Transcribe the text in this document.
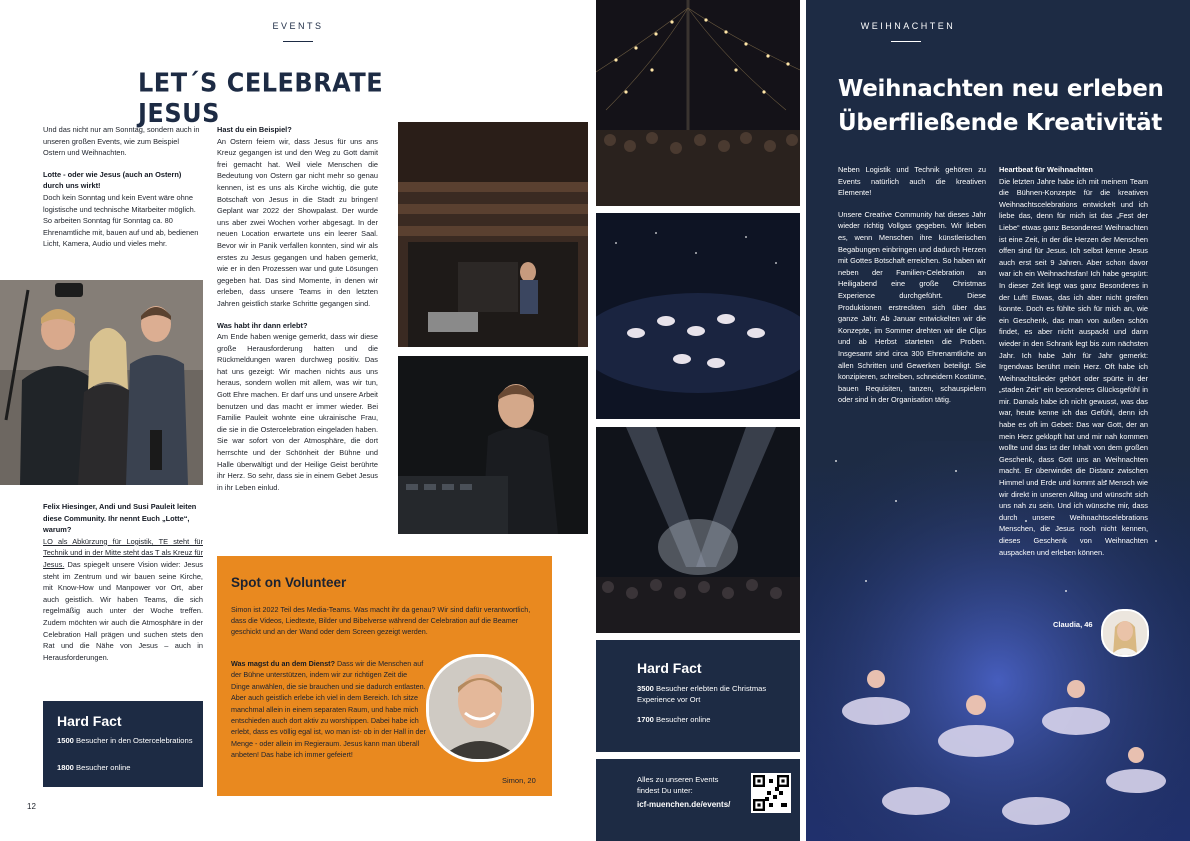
EVENTS
LET´S CELEBRATE JESUS

Und das nicht nur am Sonntag, sondern auch in unseren großen Events, wie zum Beispiel Ostern und Weihnachten.

Lotte - oder wie Jesus (auch an Ostern) durch uns wirkt!
Doch kein Sonntag und kein Event wäre ohne logistische und technische Mitarbeiter möglich. So arbeiten Sonntag für Sonntag ca. 80 Ehrenamtliche mit, bauen auf und ab, bedienen Licht, Kamera, Audio und vieles mehr.
Felix Hiesinger, Andi und Susi Pauleit leiten diese Community. Ihr nennt Euch „Lotte“, warum?
LO als Abkürzung für Logistik, TE steht für Technik und in der Mitte steht das T als Kreuz für Jesus. Das spiegelt unsere Vision wider: Jesus steht im Zentrum und wir bauen seine Kirche, mit Know-How und Manpower vor Ort, aber auch geistlich. Wir haben Teams, die sich regelmäßig auch unter der Woche treffen. Zudem möchten wir auch die Atmosphäre in der Celebration Hall prägen und suchen stets den Rat und die Nähe von Jesus – auch in Herausforderungen.
Hard Fact
1500 Besucher in den Ostercelebrations
1800 Besucher online
12
Hast du ein Beispiel?

An Ostern feiern wir, dass Jesus für uns ans Kreuz gegangen ist und den Weg zu Gott damit frei gemacht hat. Weil viele Menschen die Bedeutung von Ostern gar nicht mehr so genau kennen, ist es uns als Kirche wichtig, die gute Botschaft von Jesus in die Stadt zu bringen! Geplant war 2022 der Showpalast. Der wurde uns aber zwei Wochen vorher abgesagt. In der neuen Location erwartete uns ein leerer Saal. Bevor wir in Panik verfallen konnten, sind wir als erstes zu Jesus gegangen und haben gemerkt, wie er in den Prozessen war und gute Lösungen gegeben hat. Das sind Momente, in denen wir erleben, dass unsere Teams in den letzten Jahren geistlich starke Schritte gegangen sind.

Was habt ihr dann erlebt?
Am Ende haben wenige gemerkt, dass wir diese große Herausforderung hatten und die Rückmeldungen waren durchweg positiv. Das hat uns gezeigt: Wir machen nichts aus uns heraus, sondern wollen mit allem, was wir tun, Gott Ehre machen. Er darf uns und unsere Arbeit benutzen und das macht er immer wieder. Bei Familie Pauleit wohnte eine ukrainische Frau, die sie in die Ostercelebration eingeladen haben. Sie war sofort von der Atmosphäre, die dort herrschte und der Schönheit der Bühne und Halle überwältigt und der Heilige Geist berührte ihr Herz. So sehr, dass sie in einem Gebet Jesus in ihr Leben einlud.
Spot on Volunteer
Simon ist 2022 Teil des Media-Teams. Was macht ihr da genau? Wir sind dafür verantwortlich, dass die Videos, Liedtexte, Bilder und Bibelverse während der Celebration auf die Beamer geschickt und an der Wand oder dem Screen gezeigt werden.
Was magst du an dem Dienst? Dass wir die Menschen auf der Bühne unterstützen, indem wir zur richtigen Zeit die Dinge anwählen, die sie brauchen und sie dadurch entlasten. Aber auch geistlich erlebe ich viel in dem Bereich. Ich sitze manchmal allein in einem separaten Raum, und habe mich entschieden auch dort aktiv zu worshippen. Dabei habe ich erlebt, dass es völlig egal ist, wo man ist- ob in der Hall in der Menge - oder allein im Regieraum. Jesus kann man überall anbeten! Das habe ich immer gefeiert!
Simon, 20
Hard Fact
3500 Besucher erlebten die Christmas Experience vor Ort
1700 Besucher online
Alles zu unseren Events
findest Du unter:
icf-muenchen.de/events/
WEIHNACHTEN
Weihnachten neu erleben
Überfließende Kreativität

Neben Logistik und Technik gehören zu Events natürlich auch die kreativen Elemente!

Unsere Creative Community hat dieses Jahr wieder richtig Vollgas gegeben. Wir lieben es, wenn Menschen ihre künstlerischen Begabungen einbringen und dadurch Herzen mit Gottes Botschaft erreichen. So haben wir neben der Familien-Celebration an Heiligabend eine große Christmas Experience durchgeführt. Diese Produktionen erstreckten sich über das ganze Jahr. Ab Januar entwickelten wir die Konzepte, im Sommer drehten wir die Clips und ab Herbst starteten die Proben. Insgesamt sind circa 300 Ehrenamtliche an allen Schritten und Gewerken beteiligt. Sie konzipieren, schreiben, schneidern Kostüme, bauen Requisiten, tanzen, schauspielern oder sind in der Organisation tätig.
Heartbeat für Weihnachten
Die letzten Jahre habe ich mit meinem Team die Bühnen-Konzepte für die kreativen Weihnachtscelebrations entwickelt und ich liebe das, denn für mich ist das „Fest der Liebe“ etwas ganz Besonderes! Weihnachten ist eine Zeit, in der die Herzen der Menschen offen sind für Jesus. Ich selbst kenne Jesus auch erst seit 9 Jahren. Aber schon davor war ich ein Weihnachtsfan! Ich habe gespürt: In dieser Zeit liegt was ganz Besonderes in der Luft! Etwas, das ich aber nicht greifen konnte. Doch es fühlte sich für mich an, wie ein Geschenk, das man von außen schön findet, es aber nicht auspackt und dann wieder in den Schrank legt bis zum nächsten Jahr. Ich habe Jahr für Jahr gemerkt: Irgendwas berührt mein Herz. Oft habe ich Weihnachtslieder gehört oder spürte in der „staden Zeit“ ein besonderes Glücksgefühl in mir. Damals habe ich nicht gewusst, was das war, heute kenne ich das Gefühl, denn ich habe es oft im Gebet: Das war Gott, der an mein Herz geklopft hat und mir nah kommen wollte und das ist der Inhalt von dem großen Geschenk, dass Gott uns an Weihnachten macht. Er überwindet die Distanz zwischen Himmel und Erde und kommt als Mensch wie wir direkt in unseren Alltag und wünscht sich uns nah zu sein. Und ich wünsche mir, dass durch unsere Weihnachtscelebrations Menschen, die Jesus noch nicht kennen, dieses Geschenk von Weihnachten auspacken und erleben können.
Claudia, 46
